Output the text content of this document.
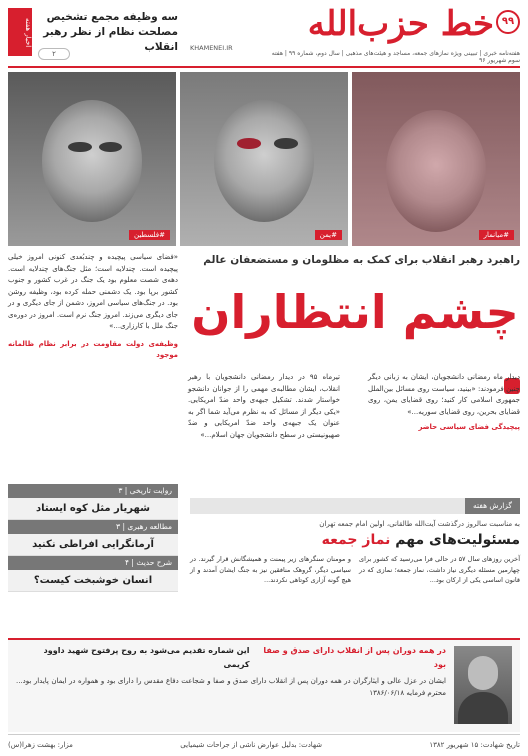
اخبار هفته
سه وظیفه مجمع تشخیص مصلحت نظام از نظر رهبر انقلاب
۲
۹۹
خط حزب‌الله
KHAMENEI.IR
هفته‌نامه خبری | تبیینی ویژه نمازهای جمعه، مساجد و هیئت‌های مذهبی | سال دوم، شماره ۹۹ | هفته سوم شهریور ۹۶
#فلسطین	#یمن	#میانمار
راهبرد رهبر انقلاب برای کمک به مظلومان و مستضعفان عالم
چشم انتظاران

«فضای سیاسی پیچیده و چندبُعدی کنونی امروز خیلی پیچیده است. چندلایه است؛ مثل جنگ‌های چندلایه است. دهه‌ی شصت معلوم بود یک جنگ در غرب کشور و جنوب کشور برپا بود. یک دشمنی حمله کرده بود، وظیفه روشن بود. در جنگ‌های سیاسی امروز، دشمن از جای دیگری و در جای دیگری می‌زند. امروز جنگ نرم است. امروز در دوره‌ی جنگ ملل با کارزاری...»

وظیفه‌ی دولت مقاومت در برابر نظام ظالمانه موجود

دیدار ماه رمضانی دانشجویان، ایشان به زبانی دیگر چنین فرمودند: «بینید، سیاست روی مسائل بین‌الملل جمهوری اسلامی کار کنید؛ روی قضایای یمن، روی قضایای بحرین، روی قضایای سوریه...»

پیچیدگی فضای سیاسی حاضر

تیرماه ۹۵ در دیدار رمضانی دانشجویان با رهبر انقلاب، ایشان مطالبه‌ی مهمی را از جوانان دانشجو خواستار شدند. تشکیل جبهه‌ی واحد ضدّ امریکایی. «یکی دیگر از مسائل که به نظرم می‌آید شما اگر به عنوان یک جبهه‌ی واحد ضدّ امریکایی و ضدّ صهیونیستی در سطح دانشجویان جهان اسلام...»

روایت تاریخی | ۳
شهریار مثل کوه ایستاد
مطالعه رهبری | ۳
آرمانگرایی افراطی نکنید
شرح حدیث | ۴
انسان خوشبخت کیست؟
گزارش هفته
به مناسبت سالروز درگذشت آیت‌الله طالقانی، اولین امام جمعه تهران
مسئولیت‌های مهم نماز جمعه
آخرین روزهای سال ۵۷ در حالی فرا می‌رسید که کشور برای چهارمین مسئله دیگری نیاز داشت، نماز جمعه؛ نمازی که در قانون اساسی یکی از ارکان بود...
و مومنان سنگرهای زیر پیمنت و همیشگانش قرار گیرند. در سیاسی دیگر، گروهک منافقین نیز به جنگ ایشان آمدند و از هیچ گونه آزاری کوتاهی نکردند...
در همه دوران پس از انقلاب دارای صدق و صفا بود
این شماره تقدیم می‌شود به روح پرفتوح شهید داوود کریمی
ایشان در عزل عالی و ایثارگران در همه دوران پس از انقلاب دارای صدق و صفا و شجاعت دفاع مقدس را دارای بود و همواره در ایمان پایدار بود... محترم فرمایه ۱۳۸۶/۰۶/۱۸
تاریخ شهادت: ۱۵ شهریور ۱۳۸۲
شهادت: بدلیل عوارض ناشی از جراحات شیمیایی
مزار: بهشت زهرا(س)
